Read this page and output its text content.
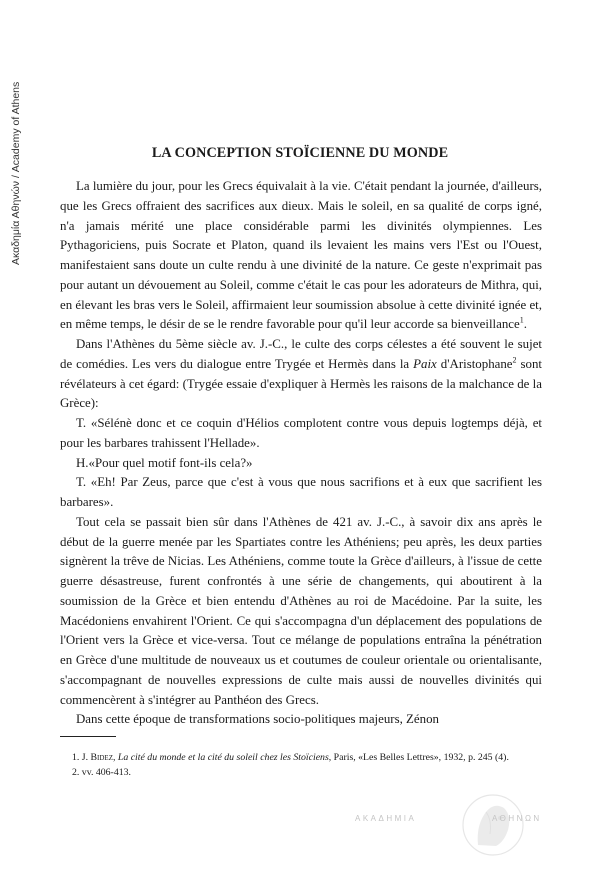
Ακαδημία Αθηνών / Academy of Athens	LA CONCEPTION STOÏCIENNE DU MONDE

La lumière du jour, pour les Grecs équivalait à la vie. C'était pendant la journée, d'ailleurs, que les Grecs offraient des sacrifices aux dieux. Mais le soleil, en sa qualité de corps igné, n'a jamais mérité une place considérable parmi les divinités olympiennes. Les Pythagoriciens, puis Socrate et Platon, quand ils levaient les mains vers l'Est ou l'Ouest, manifestaient sans doute un culte rendu à une divinité de la nature. Ce geste n'exprimait pas pour autant un dévouement au Soleil, comme c'était le cas pour les adorateurs de Mithra, qui, en élevant les bras vers le Soleil, affirmaient leur soumission absolue à cette divinité ignée et, en même temps, le désir de se le rendre favorable pour qu'il leur accorde sa bienveillance$^1$.

Dans l'Athènes du 5ème siècle av. J.-C., le culte des corps célestes a été souvent le sujet de comédies. Les vers du dialogue entre Trygée et Hermès dans la Paix d'Aristophane$^2$ sont révélateurs à cet égard: (Trygée essaie d'expliquer à Hermès les raisons de la malchance de la Grèce):

T. «Sélénè donc et ce coquin d'Hélios complotent contre vous depuis logtemps déjà, et pour les barbares trahissent l'Hellade».

H.«Pour quel motif font-ils cela?»

T. «Eh! Par Zeus, parce que c'est à vous que nous sacrifions et à eux que sacrifient les barbares».

Tout cela se passait bien sûr dans l'Athènes de 421 av. J.-C., à savoir dix ans après le début de la guerre menée par les Spartiates contre les Athéniens; peu après, les deux parties signèrent la trêve de Nicias. Les Athéniens, comme toute la Grèce d'ailleurs, à l'issue de cette guerre désastreuse, furent confrontés à une série de changements, qui aboutirent à la soumission de la Grèce et bien entendu d'Athènes au roi de Macédoine. Par la suite, les Macédoniens envahirent l'Orient. Ce qui s'accompagna d'un déplacement des populations de l'Orient vers la Grèce et vice-versa. Tout ce mélange de populations entraîna la pénétration en Grèce d'une multitude de nouveaux us et coutumes de couleur orientale ou orientalisante, s'accompagnant de nouvelles expressions de culte mais aussi de nouvelles divinités qui commencèrent à s'intégrer au Panthéon des Grecs.

Dans cette époque de transformations socio-politiques majeurs, Zénon

1. J. Bidez, La cité du monde et la cité du soleil chez les Stoïciens, Paris, «Les Belles Lettres», 1932, p. 245 (4).

2. vv. 406-413.

ΑΚΑΔΗΜΙΑ	ΑΘΗΝΩΝ
